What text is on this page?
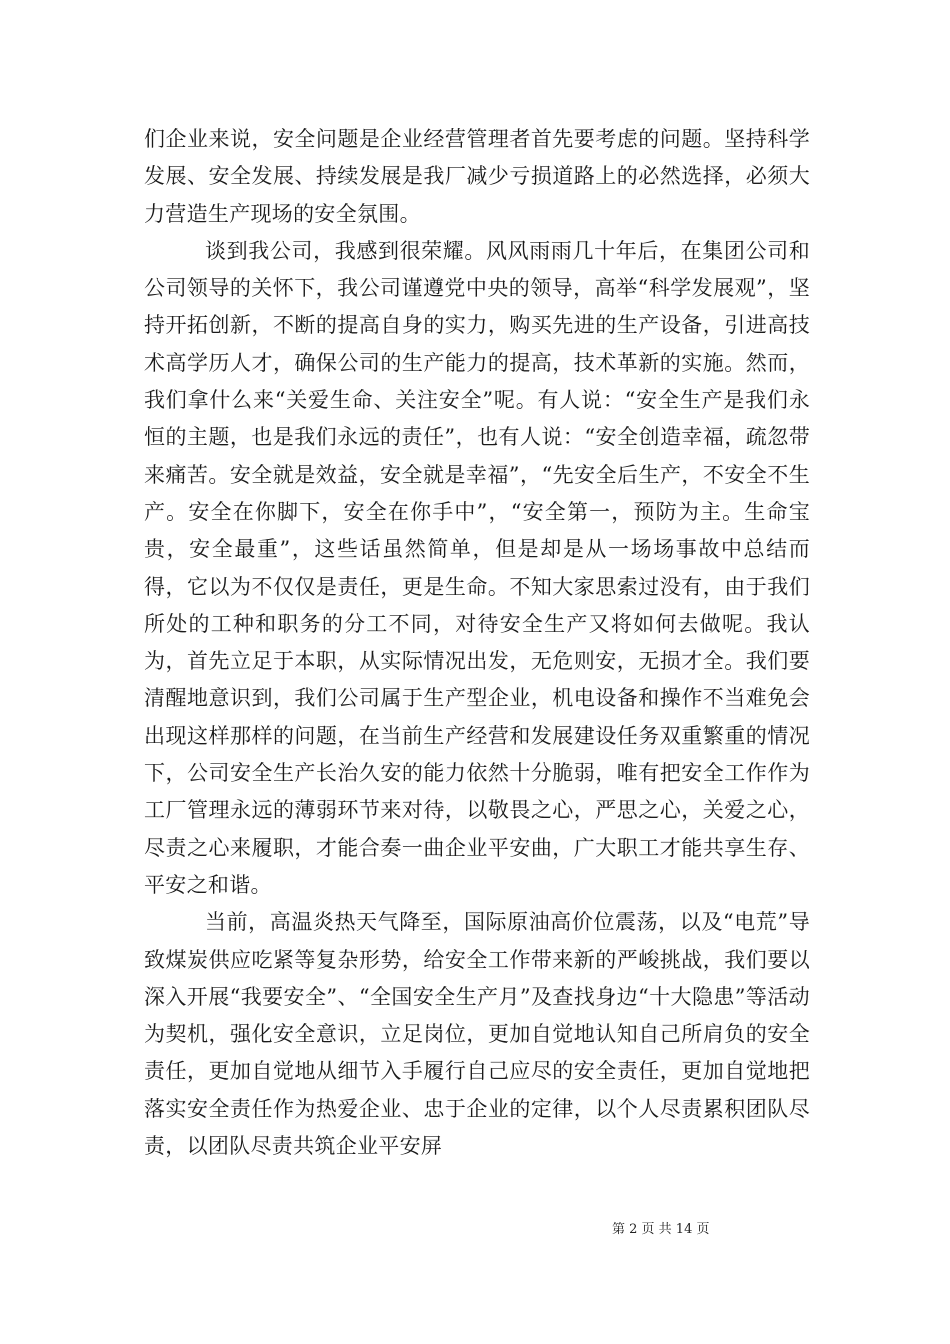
们企业来说，安全问题是企业经营管理者首先要考虑的问题。坚持科学发展、安全发展、持续发展是我厂减少亏损道路上的必然选择，必须大力营造生产现场的安全氛围。

谈到我公司，我感到很荣耀。风风雨雨几十年后，在集团公司和公司领导的关怀下，我公司谨遵党中央的领导，高举“科学发展观”，坚持开拓创新，不断的提高自身的实力，购买先进的生产设备，引进高技术高学历人才，确保公司的生产能力的提高，技术革新的实施。然而，我们拿什么来“关爱生命、关注安全”呢。有人说：“安全生产是我们永恒的主题，也是我们永远的责任”，也有人说：“安全创造幸福，疏忽带来痛苦。安全就是效益，安全就是幸福”，“先安全后生产，不安全不生产。安全在你脚下，安全在你手中”，“安全第一，预防为主。生命宝贵，安全最重”，这些话虽然简单，但是却是从一场场事故中总结而得，它以为不仅仅是责任，更是生命。不知大家思索过没有，由于我们所处的工种和职务的分工不同，对待安全生产又将如何去做呢。我认为，首先立足于本职，从实际情况出发，无危则安，无损才全。我们要清醒地意识到，我们公司属于生产型企业，机电设备和操作不当难免会出现这样那样的问题，在当前生产经营和发展建设任务双重繁重的情况下，公司安全生产长治久安的能力依然十分脆弱，唯有把安全工作作为工厂管理永远的薄弱环节来对待，以敬畏之心，严思之心，关爱之心，尽责之心来履职，才能合奏一曲企业平安曲，广大职工才能共享生存、平安之和谐。

当前，高温炎热天气降至，国际原油高价位震荡，以及“电荒”导致煤炭供应吃紧等复杂形势，给安全工作带来新的严峻挑战，我们要以深入开展“我要安全”、“全国安全生产月”及查找身边“十大隐患”等活动为契机，强化安全意识，立足岗位，更加自觉地认知自己所肩负的安全责任，更加自觉地从细节入手履行自己应尽的安全责任，更加自觉地把落实安全责任作为热爱企业、忠于企业的定律，以个人尽责累积团队尽责，以团队尽责共筑企业平安屏

第 2 页 共 14 页
